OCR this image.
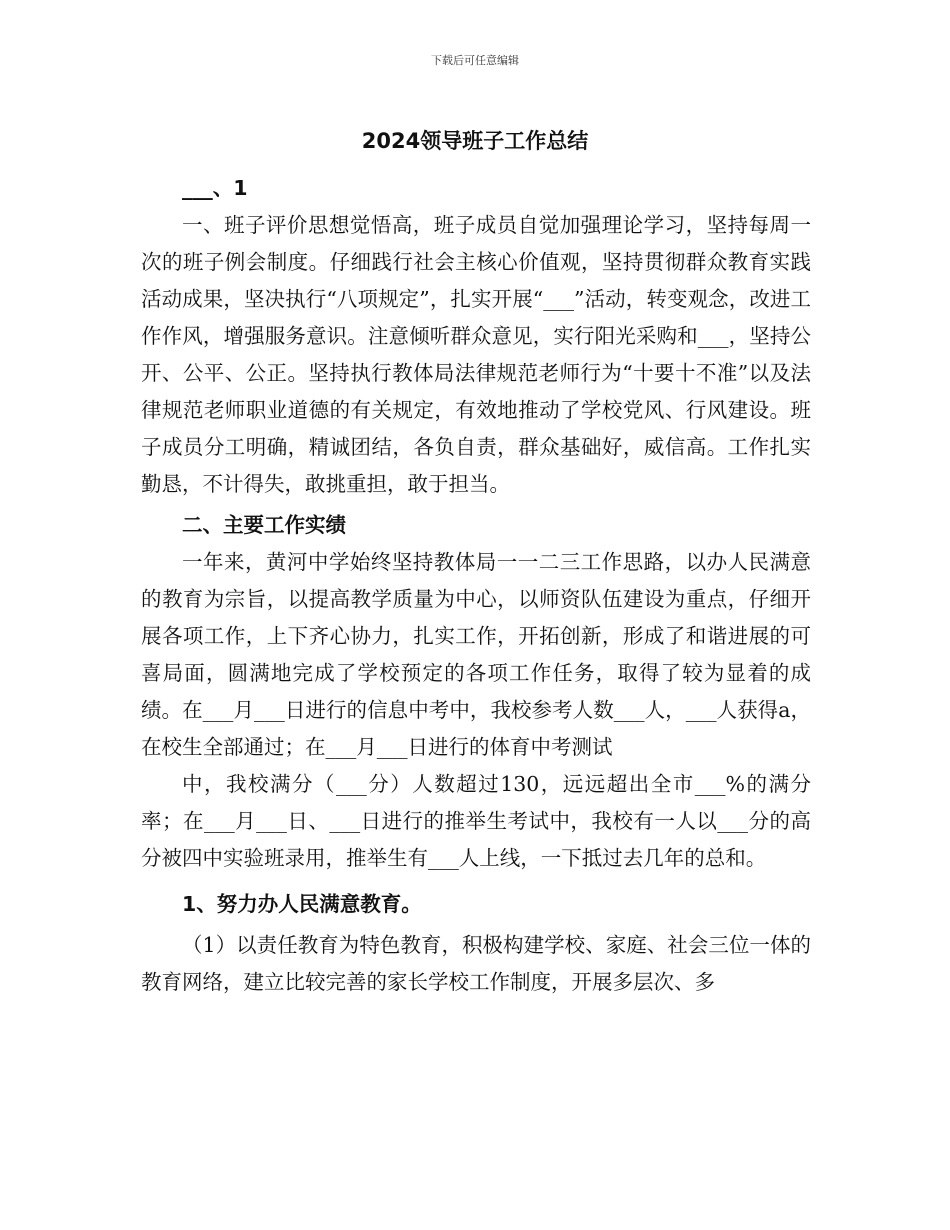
下载后可任意编辑
2024领导班子工作总结

___、1

一、班子评价思想觉悟高，班子成员自觉加强理论学习，坚持每周一次的班子例会制度。仔细践行社会主核心价值观，坚持贯彻群众教育实践活动成果，坚决执行“八项规定”，扎实开展“___”活动，转变观念，改进工作作风，增强服务意识。注意倾听群众意见，实行阳光采购和___，坚持公开、公平、公正。坚持执行教体局法律规范老师行为“十要十不准”以及法律规范老师职业道德的有关规定，有效地推动了学校党风、行风建设。班子成员分工明确，精诚团结，各负自责，群众基础好，威信高。工作扎实勤恳，不计得失，敢挑重担，敢于担当。

二、主要工作实绩

一年来，黄河中学始终坚持教体局一一二三工作思路，以办人民满意的教育为宗旨，以提高教学质量为中心，以师资队伍建设为重点，仔细开展各项工作，上下齐心协力，扎实工作，开拓创新，形成了和谐进展的可喜局面，圆满地完成了学校预定的各项工作任务，取得了较为显着的成绩。在___月___日进行的信息中考中，我校参考人数___人，___人获得a，在校生全部通过；在___月___日进行的体育中考测试

中，我校满分（___分）人数超过130，远远超出全市___%的满分率；在___月___日、___日进行的推举生考试中，我校有一人以___分的高分被四中实验班录用，推举生有___人上线，一下抵过去几年的总和。

1、努力办人民满意教育。

（1）以责任教育为特色教育，积极构建学校、家庭、社会三位一体的教育网络，建立比较完善的家长学校工作制度，开展多层次、多
